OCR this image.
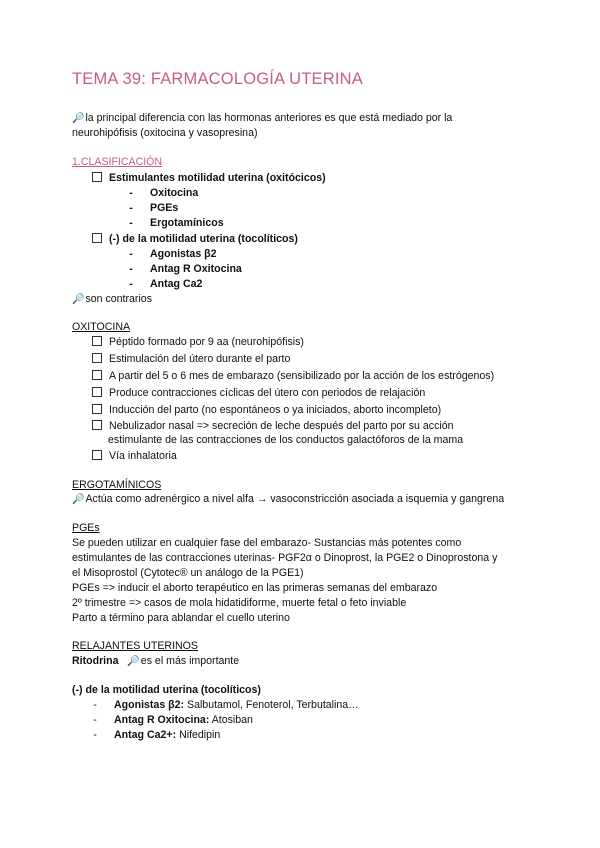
TEMA 39: FARMACOLOGÍA UTERINA
🔎la principal diferencia con las hormonas anteriores es que está mediado por la
neurohipófisis (oxitocina y vasopresina)
1.CLASIFICACIÓN
Estimulantes motilidad uterina (oxitócicos)
- Oxitocina
- PGEs
- Ergotamínicos
(-) de la motilidad uterina (tocolíticos)
- Agonistas β2
- Antag R Oxitocina
- Antag Ca2
🔎son contrarios
OXITOCINA
Péptido formado por 9 aa (neurohipófisis)
Estimulación del útero durante el parto
A partir del 5 o 6 mes de embarazo (sensibilizado por la acción de los estrógenos)
Produce contracciones cíclicas del útero con periodos de relajación
Inducción del parto (no espontáneos o ya iniciados, aborto incompleto)
Nebulizador nasal => secreción de leche después del parto por su acción
estimulante de las contracciones de los conductos galactóforos de la mama
Vía inhalatoria
ERGOTAMÍNICOS
🔎Actúa como adrenérgico a nivel alfa → vasoconstricción asociada a isquemia y gangrena
PGEs
Se pueden utilizar en cualquier fase del embarazo- Sustancias más potentes como
estimulantes de las contracciones uterinas- PGF2α o Dinoprost, la PGE2 o Dinoprostona y
el Misoprostol (Cytotec® un análogo de la PGE1)
PGEs => inducir el aborto terapéutico en las primeras semanas del embarazo
2º trimestre => casos de mola hidatidiforme, muerte fetal o feto inviable
Parto a término para ablandar el cuello uterino
RELAJANTES UTERINOS
Ritodrina 🔎es el más importante
(-) de la motilidad uterina (tocolíticos)
- Agonistas β2: Salbutamol, Fenoterol, Terbutalina…
- Antag R Oxitocina: Atosiban
- Antag Ca2+: Nifedipin
